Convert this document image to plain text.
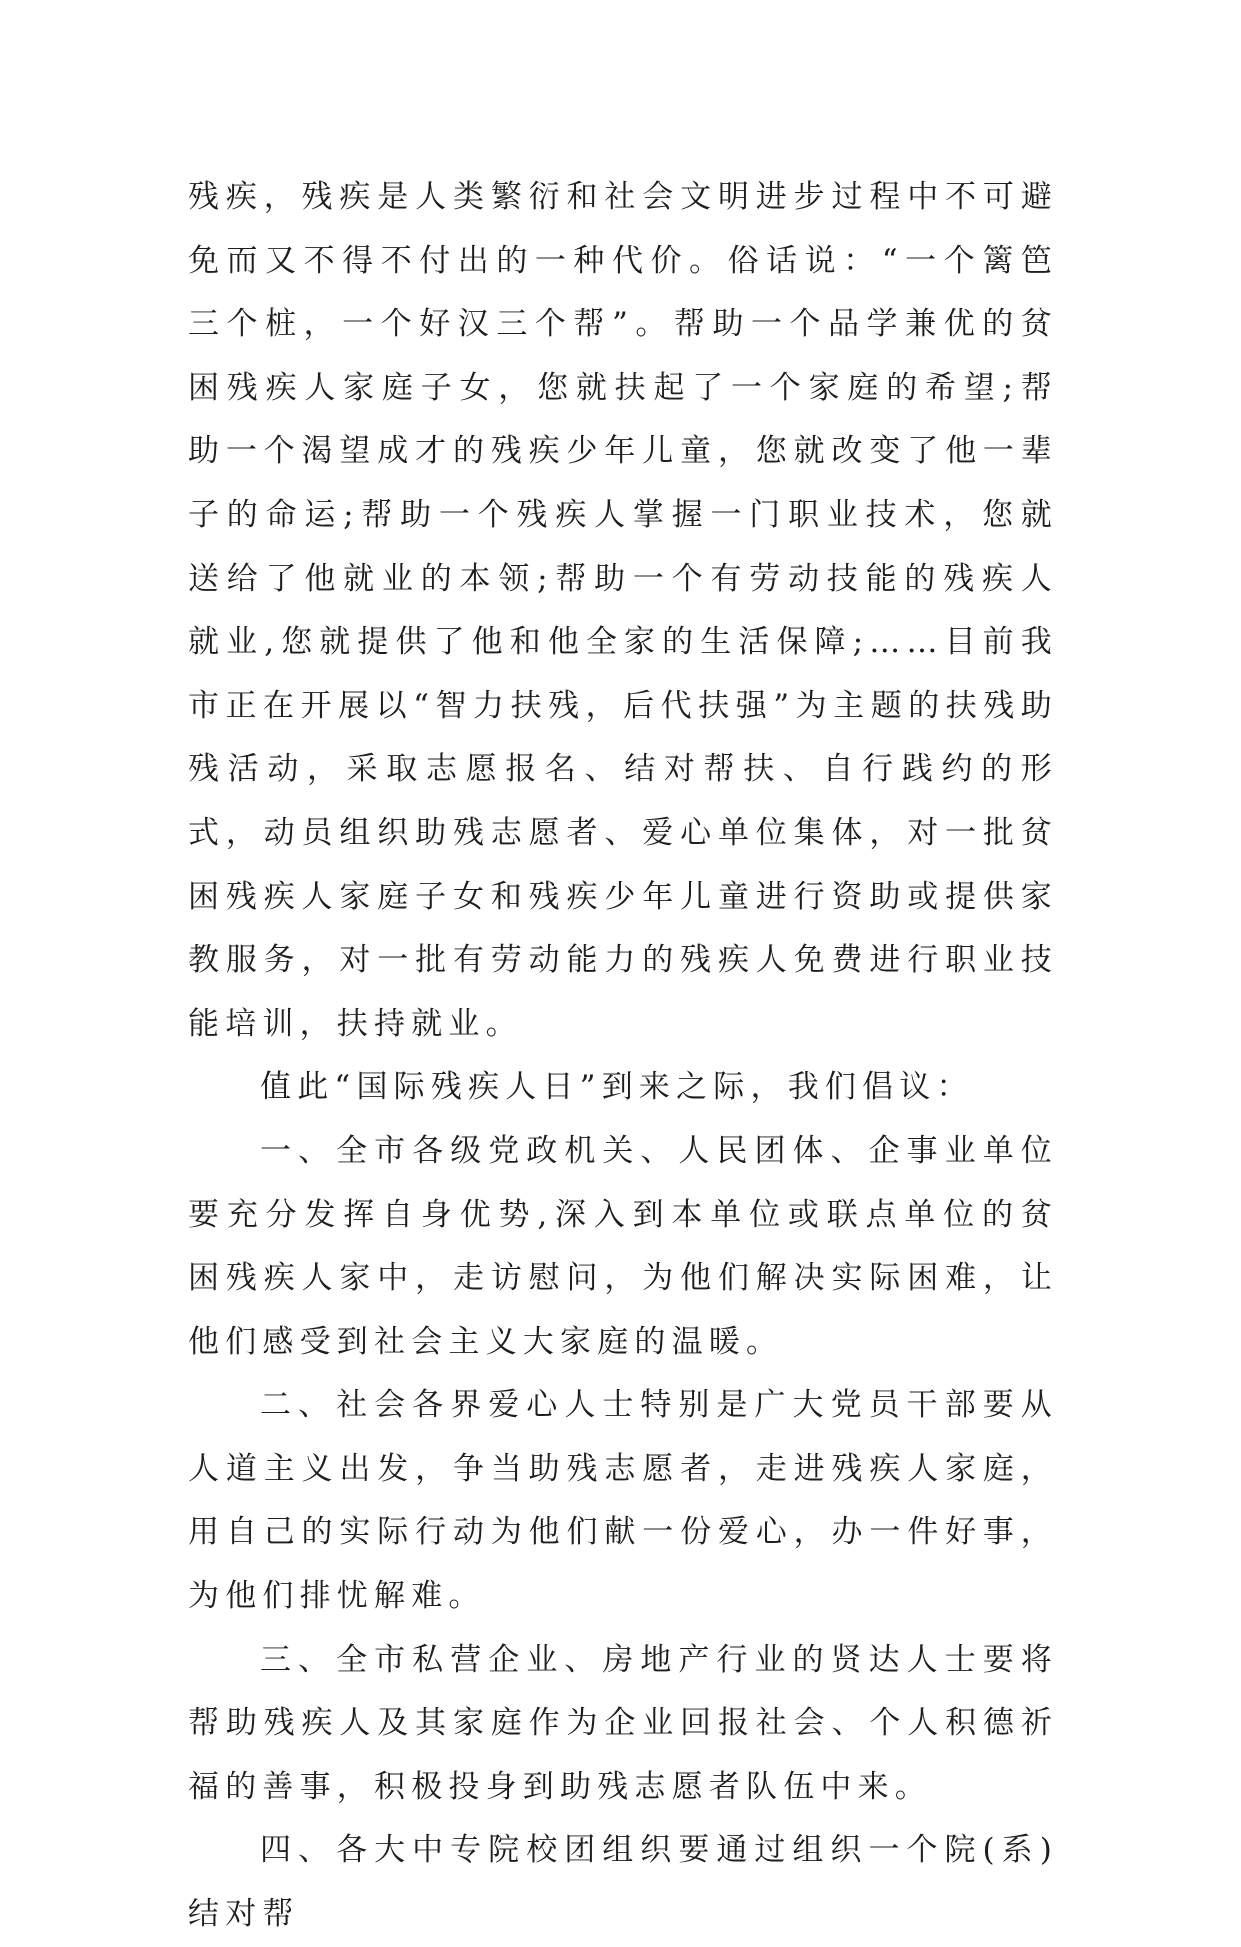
残疾，残疾是人类繁衍和社会文明进步过程中不可避免而又不得不付出的一种代价。俗话说：“一个篱笆三个桩，一个好汉三个帮”。帮助一个品学兼优的贫困残疾人家庭子女，您就扶起了一个家庭的希望;帮助一个渴望成才的残疾少年儿童，您就改变了他一辈子的命运;帮助一个残疾人掌握一门职业技术，您就送给了他就业的本领;帮助一个有劳动技能的残疾人就业,您就提供了他和他全家的生活保障;……目前我市正在开展以“智力扶残，后代扶强”为主题的扶残助残活动，采取志愿报名、结对帮扶、自行践约的形式，动员组织助残志愿者、爱心单位集体，对一批贫困残疾人家庭子女和残疾少年儿童进行资助或提供家教服务，对一批有劳动能力的残疾人免费进行职业技能培训，扶持就业。

值此“国际残疾人日”到来之际，我们倡议：

一、全市各级党政机关、人民团体、企事业单位要充分发挥自身优势,深入到本单位或联点单位的贫困残疾人家中，走访慰问，为他们解决实际困难，让他们感受到社会主义大家庭的温暖。

二、社会各界爱心人士特别是广大党员干部要从人道主义出发，争当助残志愿者，走进残疾人家庭，用自己的实际行动为他们献一份爱心，办一件好事，为他们排忧解难。

三、全市私营企业、房地产行业的贤达人士要将帮助残疾人及其家庭作为企业回报社会、个人积德祈福的善事，积极投身到助残志愿者队伍中来。

四、各大中专院校团组织要通过组织一个院(系)结对帮
